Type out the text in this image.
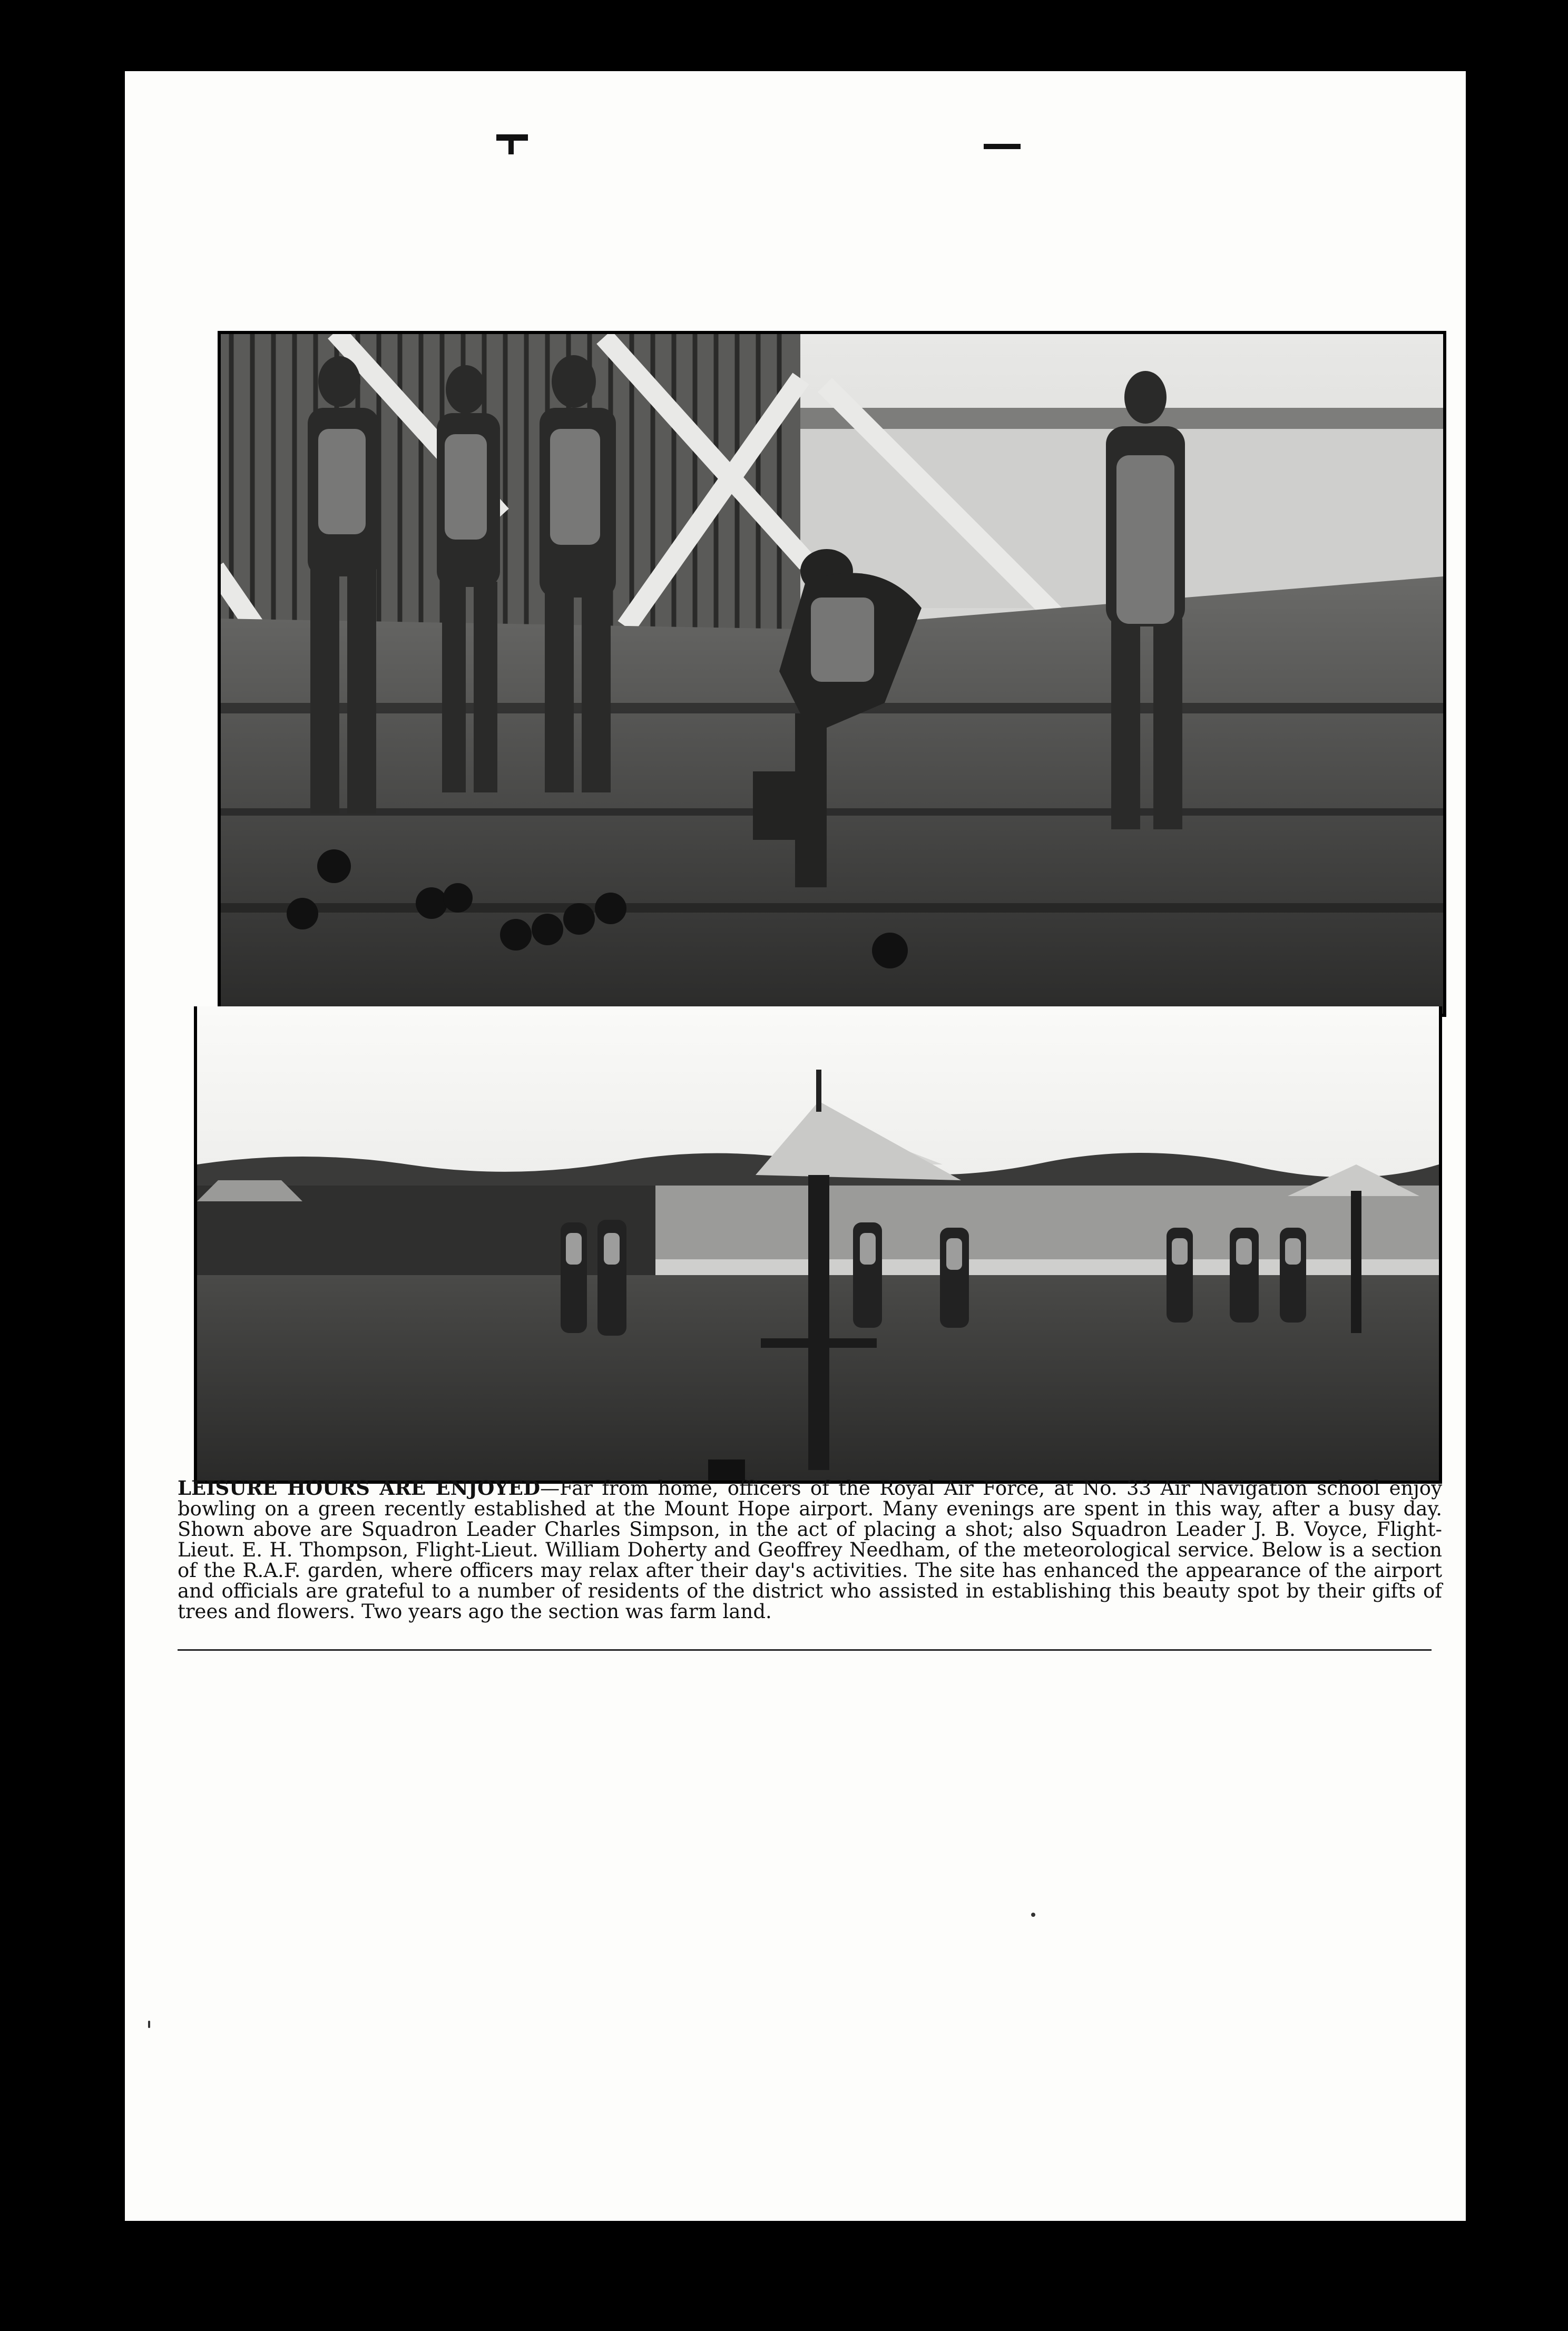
LEISURE HOURS ARE ENJOYED—Far from home, officers of the Royal Air Force, at No. 33 Air Navigation school enjoy bowling on a green recently established at the Mount Hope airport. Many evenings are spent in this way, after a busy day. Shown above are Squadron Leader Charles Simpson, in the act of placing a shot; also Squadron Leader J. B. Voyce, Flight-Lieut. E. H. Thompson, Flight-Lieut. William Doherty and Geoffrey Needham, of the meteorological service. Below is a section of the R.A.F. garden, where officers may relax after their day's activities. The site has enhanced the appearance of the airport and officials are grateful to a number of residents of the district who assisted in establishing this beauty spot by their gifts of trees and flowers. Two years ago the section was farm land.
